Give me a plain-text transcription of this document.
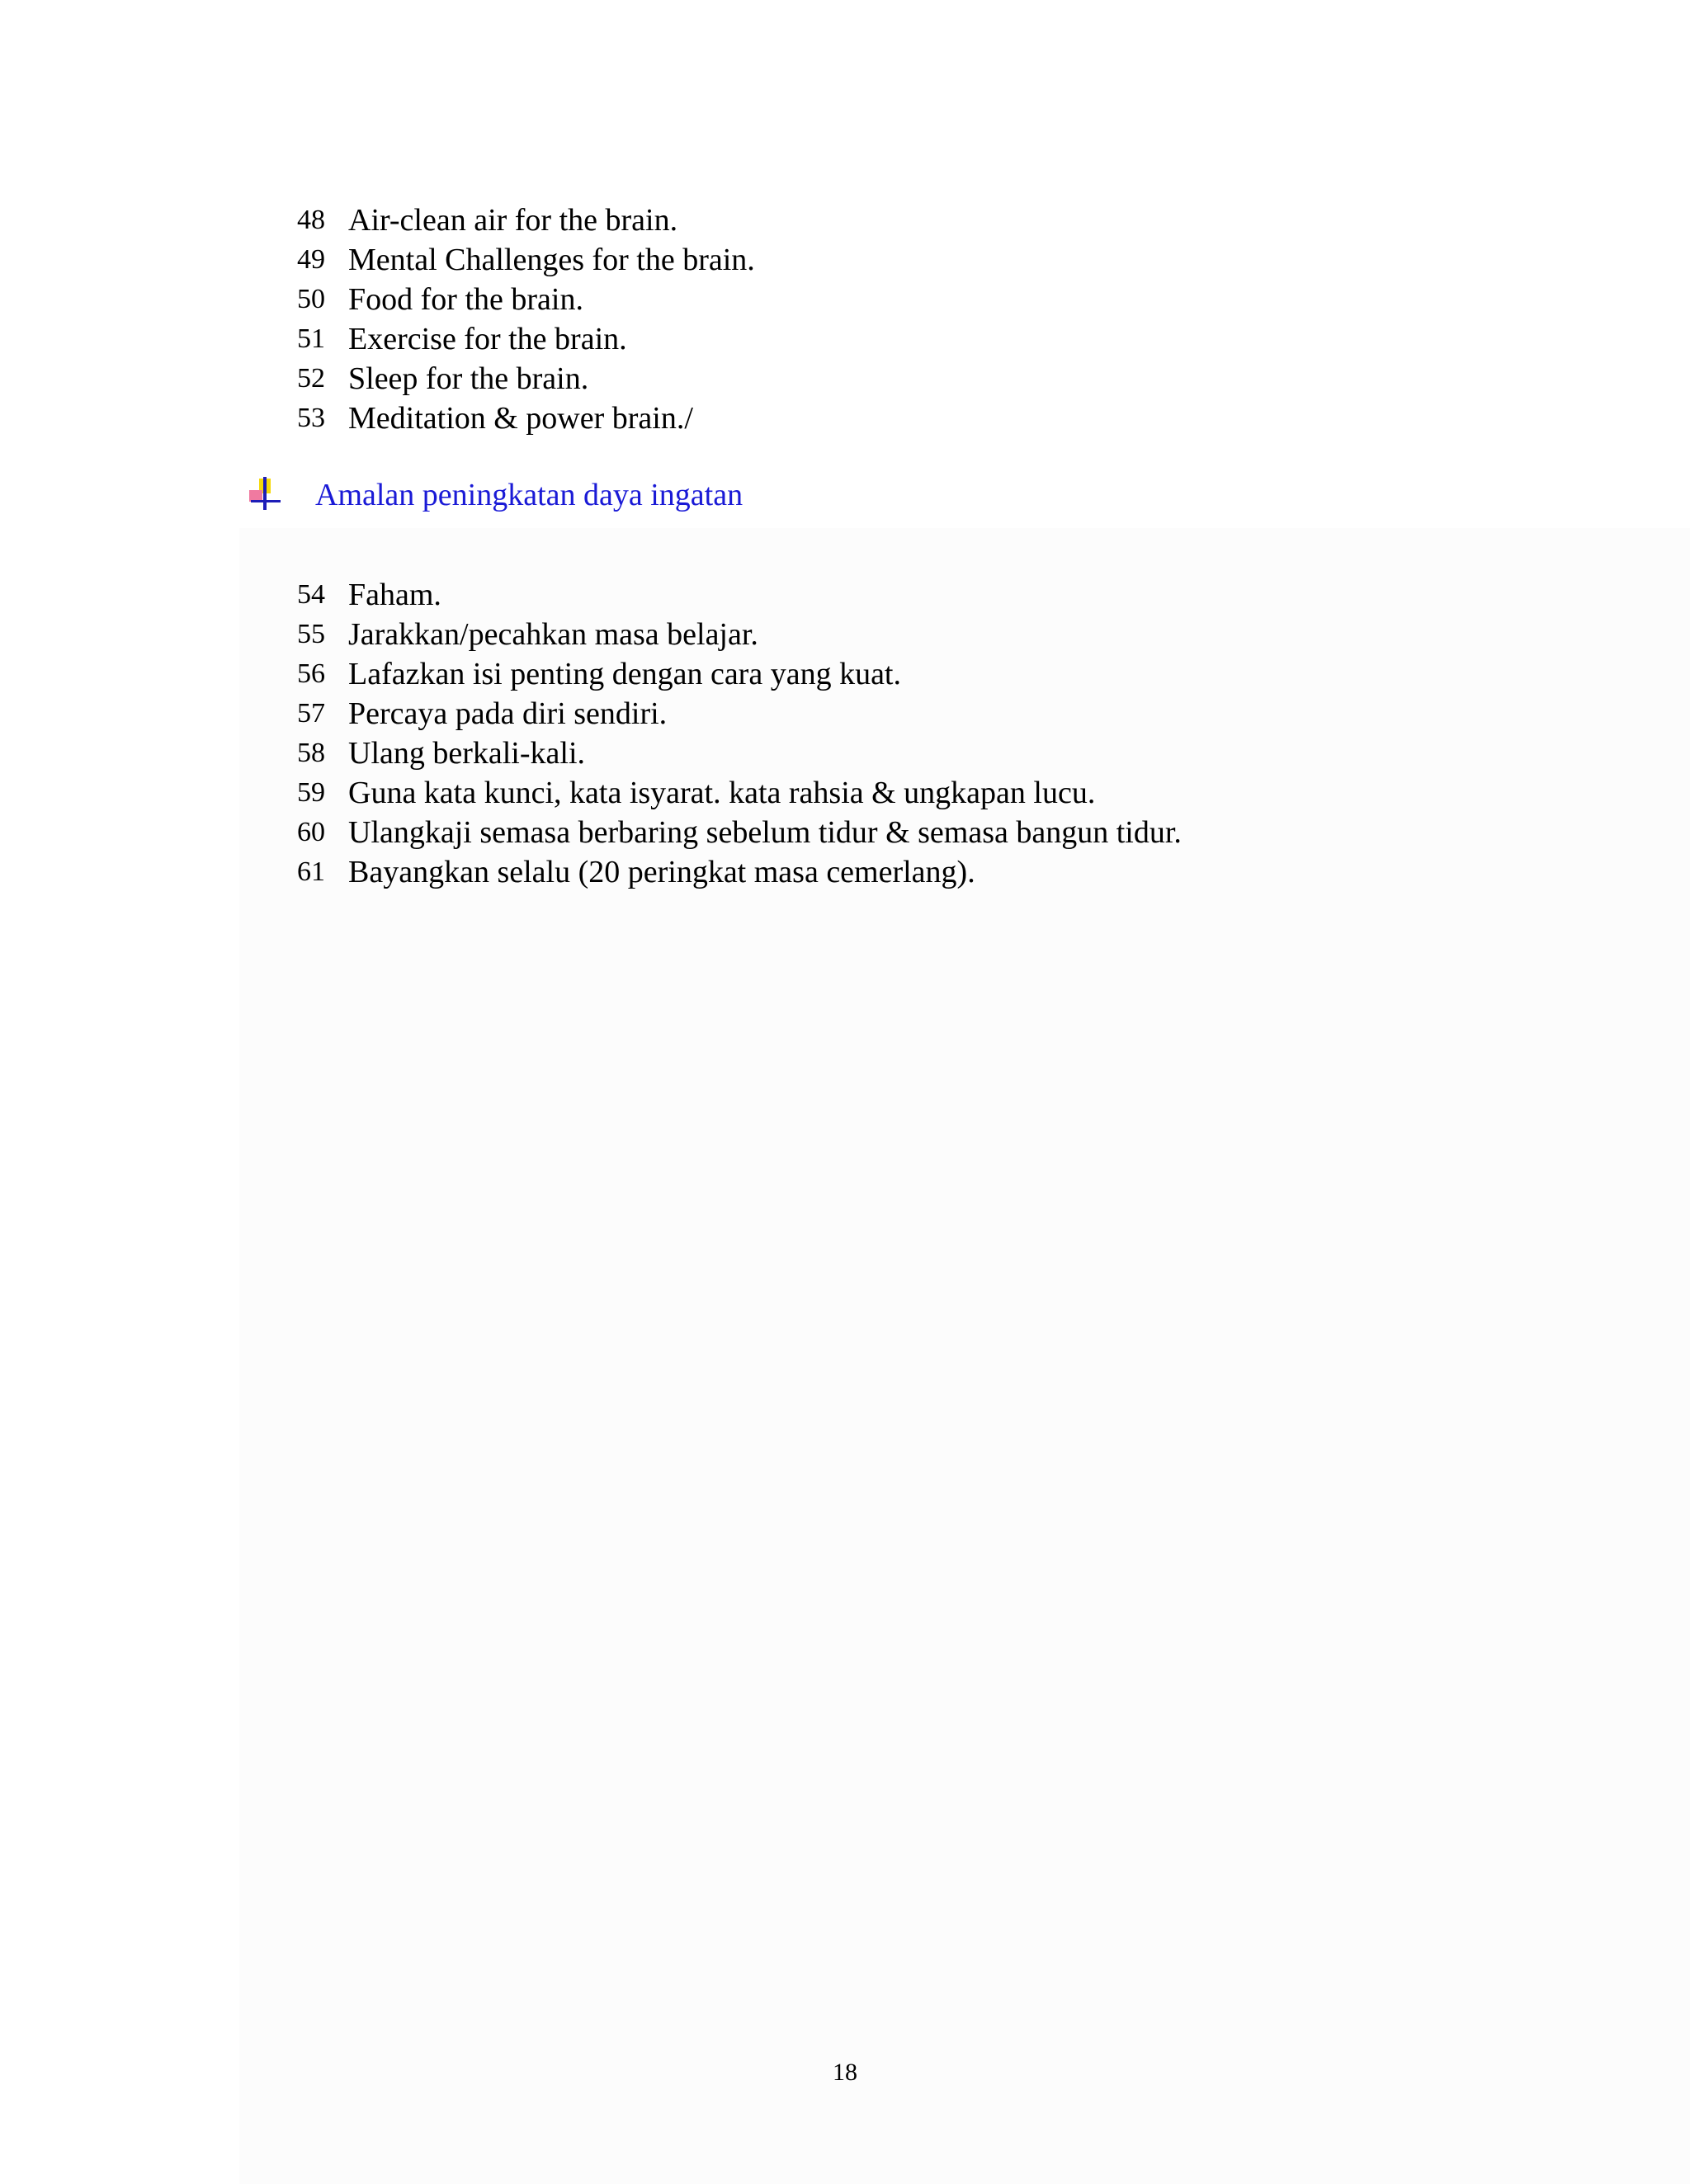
48 Air-clean air for the brain.
49 Mental Challenges for the brain.
50 Food for the brain.
51 Exercise for the brain.
52 Sleep for the brain.
53 Meditation & power brain./
Amalan peningkatan daya ingatan
54 Faham.
55 Jarakkan/pecahkan masa belajar.
56 Lafazkan isi penting dengan cara yang kuat.
57 Percaya pada diri sendiri.
58 Ulang berkali-kali.
59 Guna kata kunci, kata isyarat. kata rahsia & ungkapan lucu.
60 Ulangkaji semasa berbaring sebelum tidur & semasa bangun tidur.
61 Bayangkan selalu (20 peringkat masa cemerlang).
18
